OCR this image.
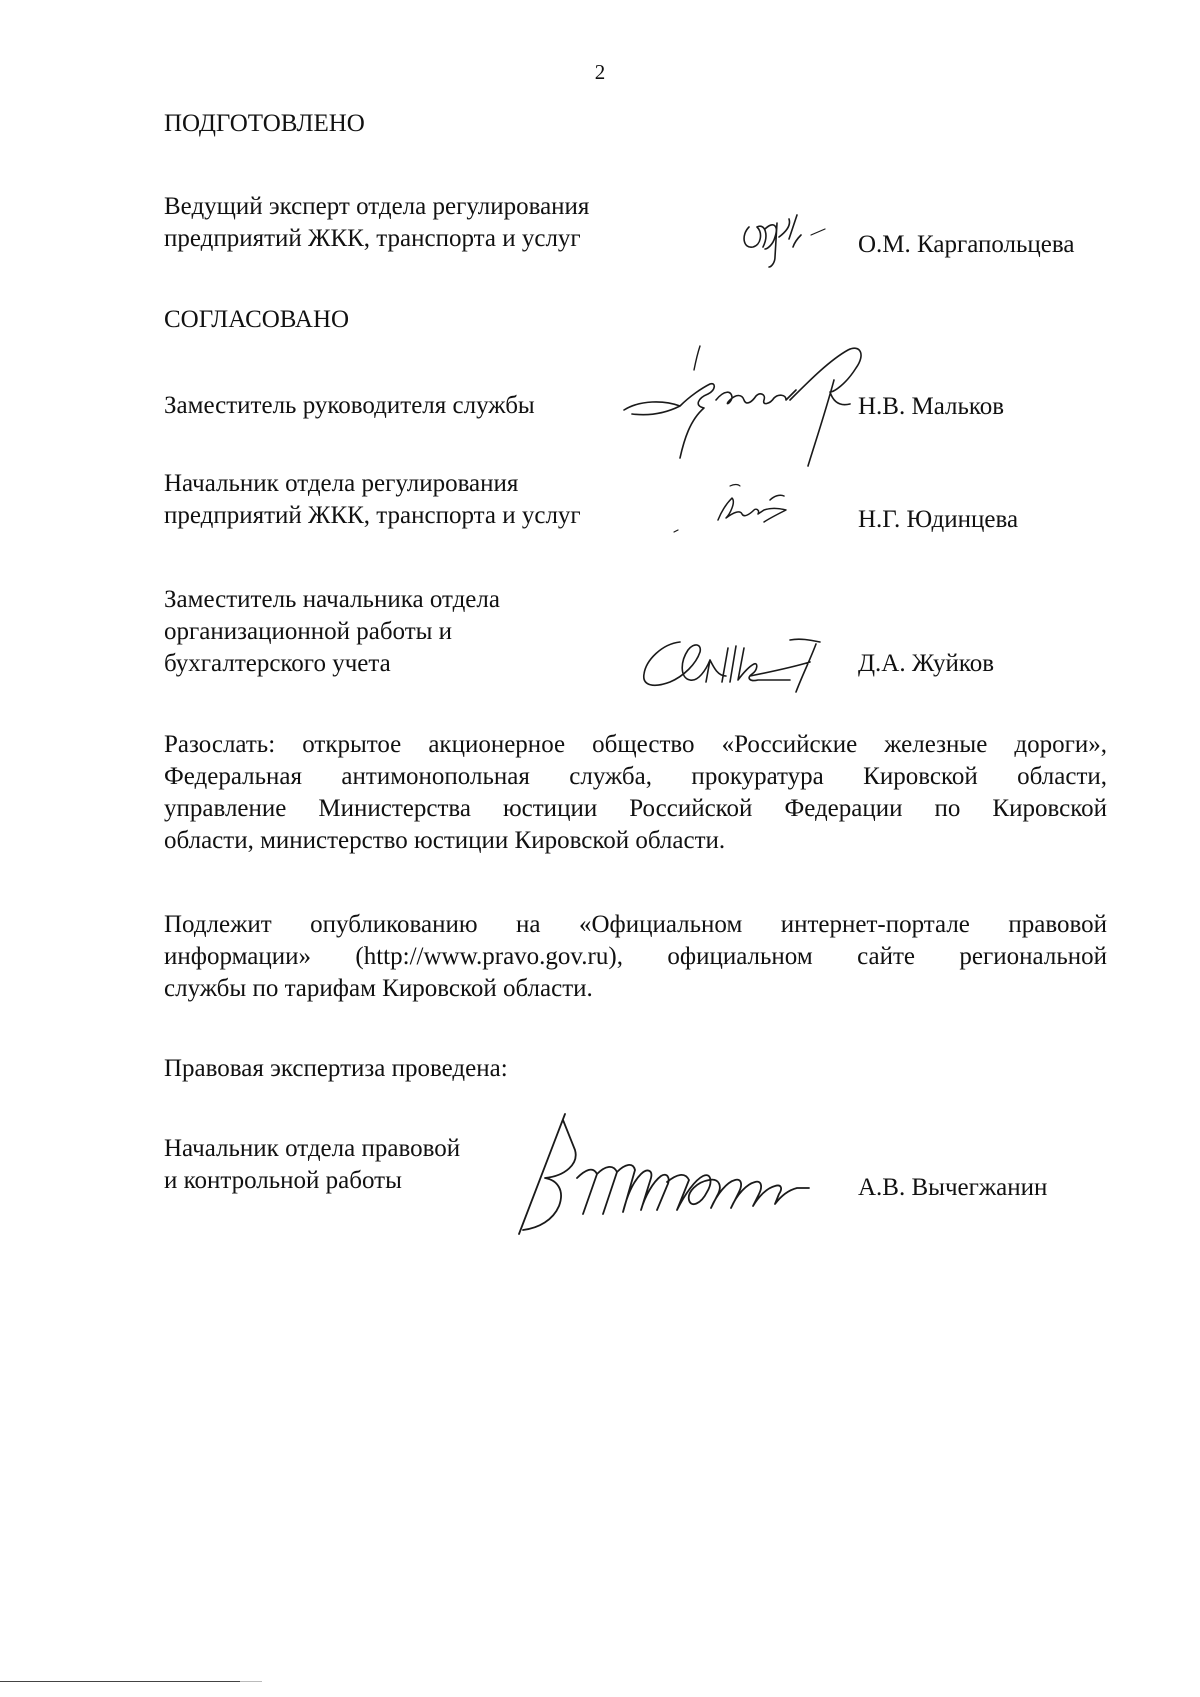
2
ПОДГОТОВЛЕНО
Ведущий эксперт отдела регулирования
предприятий ЖКК, транспорта и услуг	О.М. Каргапольцева
СОГЛАСОВАНО
Заместитель руководителя службы	Н.В. Мальков
Начальник отдела регулирования
предприятий ЖКК, транспорта и услуг	Н.Г. Юдинцева
Заместитель начальника отдела
организационной работы и
бухгалтерского учета	Д.А. Жуйков
Разослать: открытое акционерное общество «Российские железные дороги»,
Федеральная антимонопольная служба, прокуратура Кировской области,
управление Министерства юстиции Российской Федерации по Кировской
области, министерство юстиции Кировской области.
Подлежит опубликованию на «Официальном интернет-портале правовой
информации» (http://www.pravo.gov.ru), официальном сайте региональной
службы по тарифам Кировской области.
Правовая экспертиза проведена:
Начальник отдела правовой
и контрольной работы	А.В. Вычегжанин
